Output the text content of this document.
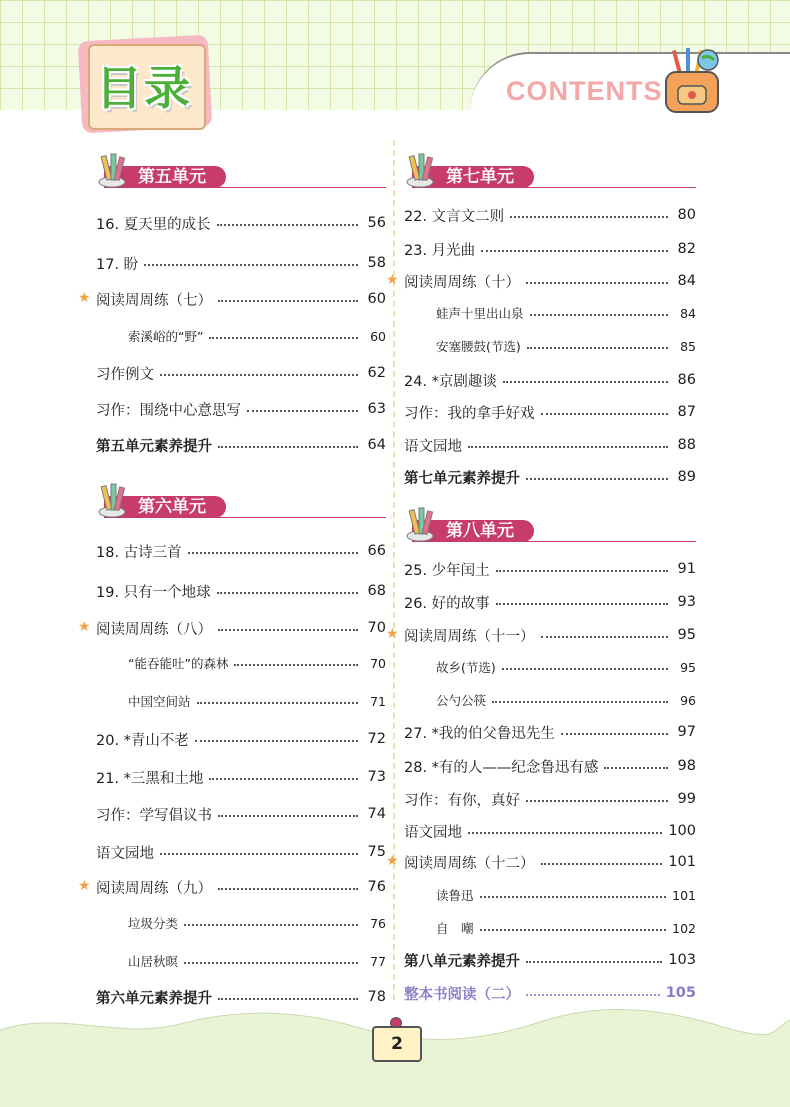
目录	CONTENTS
第五单元
16. 夏天里的成长	56
17. 盼	58
★ 阅读周周练（七）	60
索溪峪的“野”	60
习作例文	62
习作：围绕中心意思写	63
第五单元素养提升	64
第六单元
18. 古诗三首	66
19. 只有一个地球	68
★ 阅读周周练（八）	70
“能吞能吐”的森林	70
中国空间站	71
20. *青山不老	72
21. *三黑和土地	73
习作：学写倡议书	74
语文园地	75
★ 阅读周周练（九）	76
垃圾分类	76
山居秋暝	77
第六单元素养提升	78
第七单元
22. 文言文二则	80
23. 月光曲	82
★ 阅读周周练（十）	84
蛙声十里出山泉	84
安塞腰鼓(节选)	85
24. *京剧趣谈	86
习作：我的拿手好戏	87
语文园地	88
第七单元素养提升	89
第八单元
25. 少年闰土	91
26. 好的故事	93
★ 阅读周周练（十一）	95
故乡(节选)	95
公勺公筷	96
27. *我的伯父鲁迅先生	97
28. *有的人——纪念鲁迅有感	98
习作：有你，真好	99
语文园地	100
★ 阅读周周练（十二）	101
读鲁迅	101
自　嘲	102
第八单元素养提升	103
整本书阅读（二）	105
2
